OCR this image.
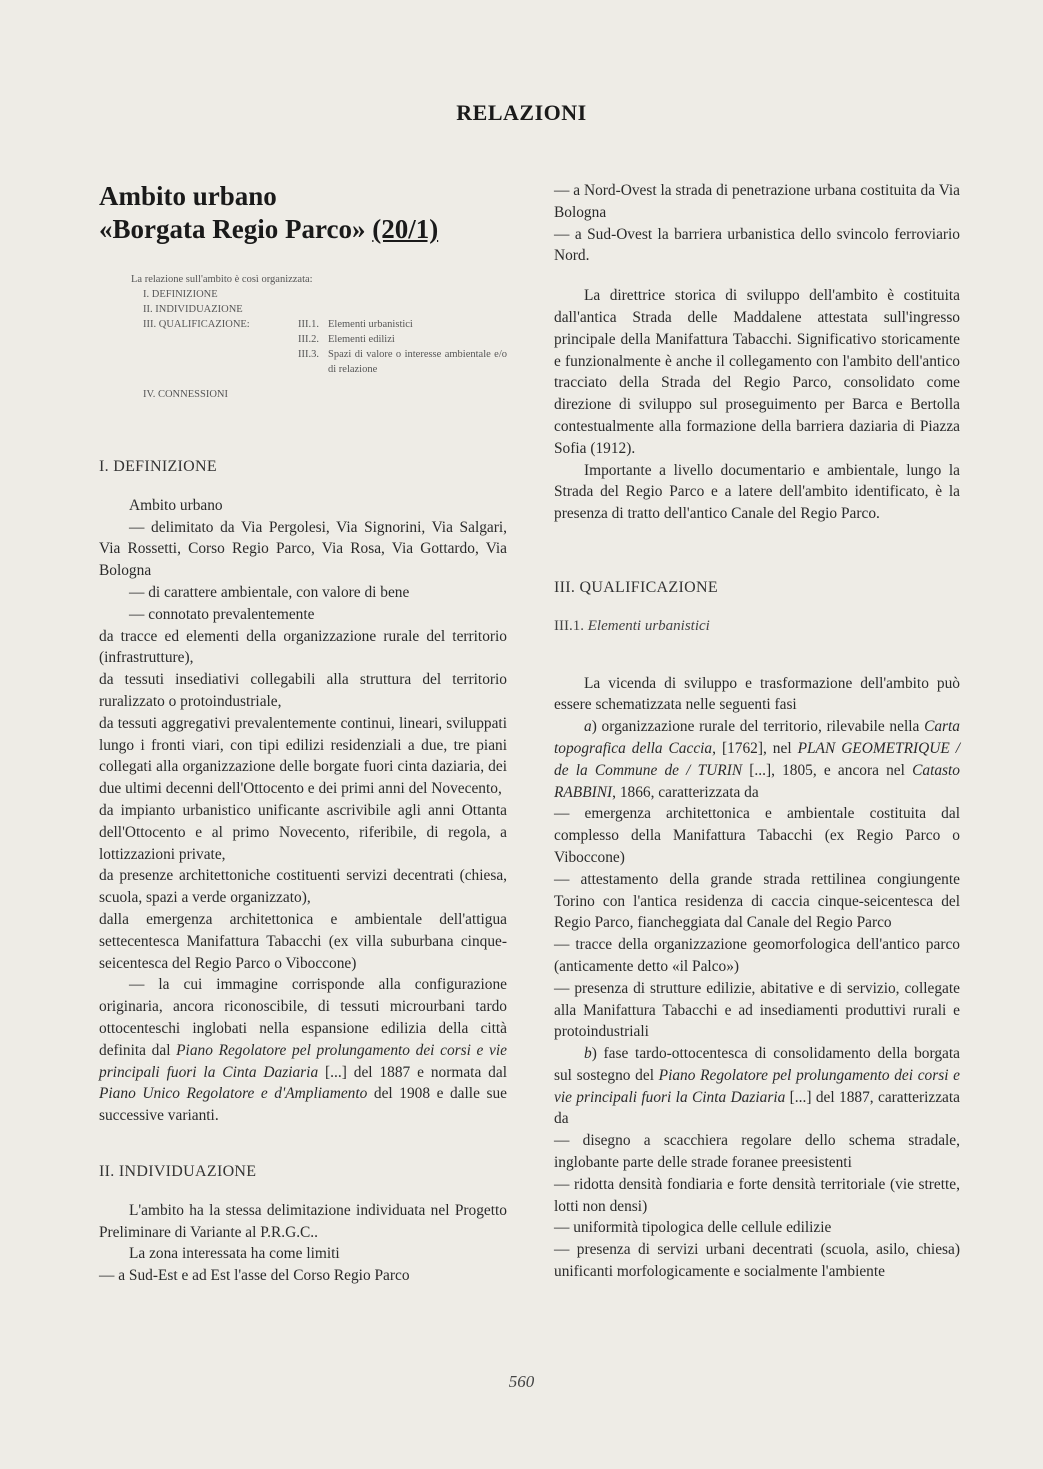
RELAZIONI
Ambito urbano
«Borgata Regio Parco» (20/1)
La relazione sull'ambito è così organizzata:
I. DEFINIZIONE
II. INDIVIDUAZIONE
III. QUALIFICAZIONE:	III.1. Elementi urbanistici
III.2. Elementi edilizi
III.3. Spazi di valore o interesse ambientale e/o di relazione
IV. CONNESSIONI
I. DEFINIZIONE

Ambito urbano

— delimitato da Via Pergolesi, Via Signorini, Via Salgari, Via Rossetti, Corso Regio Parco, Via Rosa, Via Gottardo, Via Bologna

— di carattere ambientale, con valore di bene

— connotato prevalentemente

da tracce ed elementi della organizzazione rurale del territorio (infrastrutture),

da tessuti insediativi collegabili alla struttura del territorio ruralizzato o protoindustriale,

da tessuti aggregativi prevalentemente continui, lineari, sviluppati lungo i fronti viari, con tipi edilizi residenziali a due, tre piani collegati alla organizzazione delle borgate fuori cinta daziaria, dei due ultimi decenni dell'Ottocento e dei primi anni del Novecento,

da impianto urbanistico unificante ascrivibile agli anni Ottanta dell'Ottocento e al primo Novecento, riferibile, di regola, a lottizzazioni private,

da presenze architettoniche costituenti servizi decentrati (chiesa, scuola, spazi a verde organizzato),

dalla emergenza architettonica e ambientale dell'attigua settecentesca Manifattura Tabacchi (ex villa suburbana cinque-seicentesca del Regio Parco o Viboccone)

— la cui immagine corrisponde alla configurazione originaria, ancora riconoscibile, di tessuti microurbani tardo ottocenteschi inglobati nella espansione edilizia della città definita dal Piano Regolatore pel prolungamento dei corsi e vie principali fuori la Cinta Daziaria [...] del 1887 e normata dal Piano Unico Regolatore e d'Ampliamento del 1908 e dalle sue successive varianti.

II. INDIVIDUAZIONE

L'ambito ha la stessa delimitazione individuata nel Progetto Preliminare di Variante al P.R.G.C..

La zona interessata ha come limiti

— a Sud-Est e ad Est l'asse del Corso Regio Parco

— a Nord-Ovest la strada di penetrazione urbana costituita da Via Bologna

— a Sud-Ovest la barriera urbanistica dello svincolo ferroviario Nord.

La direttrice storica di sviluppo dell'ambito è costituita dall'antica Strada delle Maddalene attestata sull'ingresso principale della Manifattura Tabacchi. Significativo storicamente e funzionalmente è anche il collegamento con l'ambito dell'antico tracciato della Strada del Regio Parco, consolidato come direzione di sviluppo sul proseguimento per Barca e Bertolla contestualmente alla formazione della barriera daziaria di Piazza Sofia (1912).

Importante a livello documentario e ambientale, lungo la Strada del Regio Parco e a latere dell'ambito identificato, è la presenza di tratto dell'antico Canale del Regio Parco.

III. QUALIFICAZIONE
III.1. Elementi urbanistici

La vicenda di sviluppo e trasformazione dell'ambito può essere schematizzata nelle seguenti fasi

a) organizzazione rurale del territorio, rilevabile nella Carta topografica della Caccia, [1762], nel PLAN GEOMETRIQUE / de la Commune de / TURIN [...], 1805, e ancora nel Catasto RABBINI, 1866, caratterizzata da

— emergenza architettonica e ambientale costituita dal complesso della Manifattura Tabacchi (ex Regio Parco o Viboccone)

— attestamento della grande strada rettilinea congiungente Torino con l'antica residenza di caccia cinque-seicentesca del Regio Parco, fiancheggiata dal Canale del Regio Parco

— tracce della organizzazione geomorfologica dell'antico parco (anticamente detto «il Palco»)

— presenza di strutture edilizie, abitative e di servizio, collegate alla Manifattura Tabacchi e ad insediamenti produttivi rurali e protoindustriali

b) fase tardo-ottocentesca di consolidamento della borgata sul sostegno del Piano Regolatore pel prolungamento dei corsi e vie principali fuori la Cinta Daziaria [...] del 1887, caratterizzata da

— disegno a scacchiera regolare dello schema stradale, inglobante parte delle strade foranee preesistenti

— ridotta densità fondiaria e forte densità territoriale (vie strette, lotti non densi)

— uniformità tipologica delle cellule edilizie

— presenza di servizi urbani decentrati (scuola, asilo, chiesa) unificanti morfologicamente e socialmente l'ambiente

560
